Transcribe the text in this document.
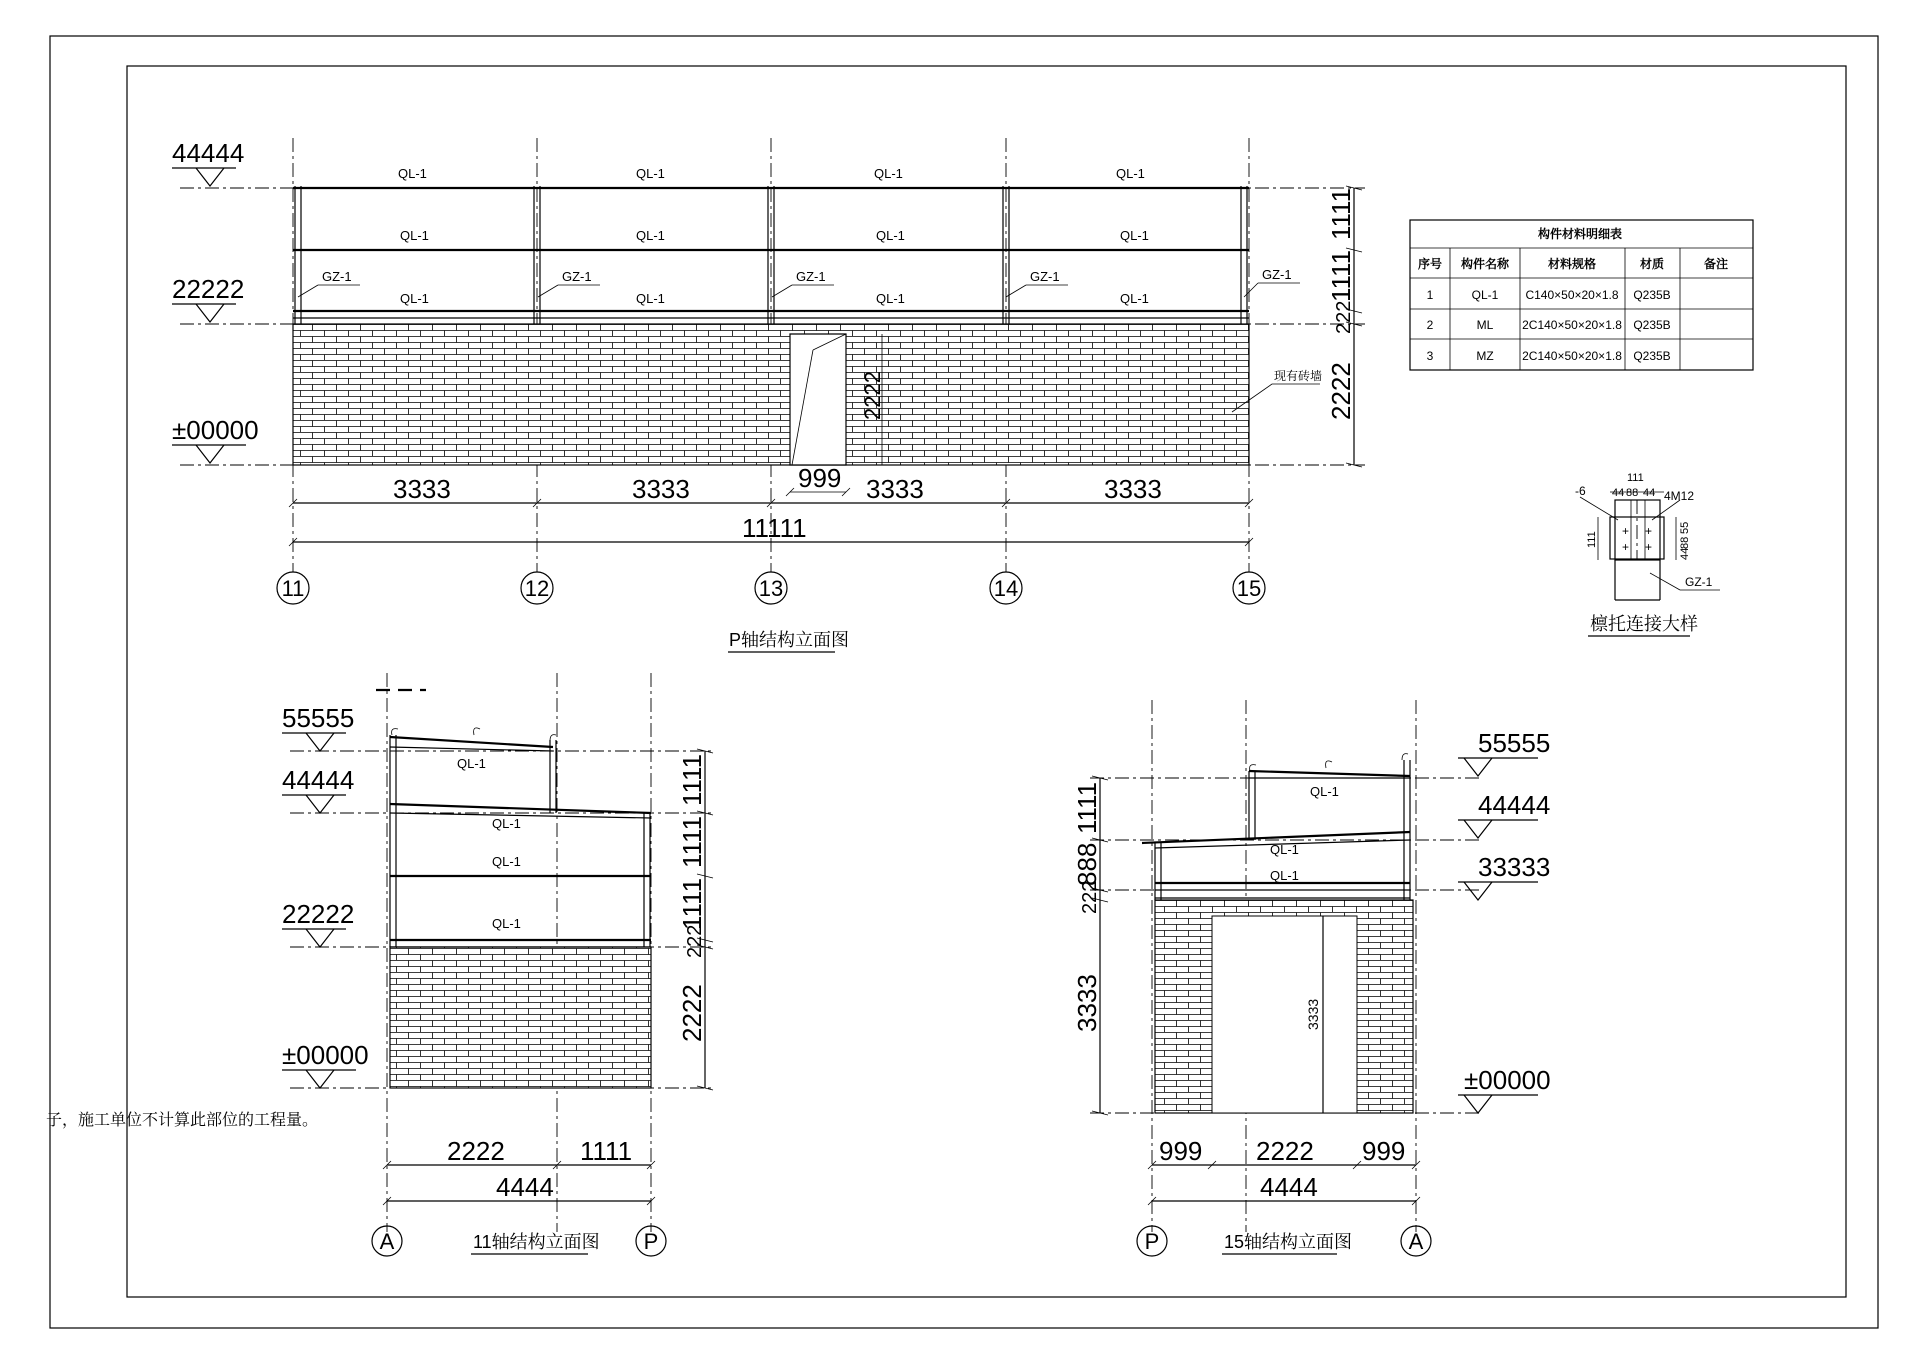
QL-1	QL-1	QL-1	QL-1
QL-1	QL-1	QL-1	QL-1
QL-1	QL-1	QL-1	QL-1
GZ-1	GZ-1	GZ-1	GZ-1	GZ-1
现有砖墙
44444
22222
±00000
1111
1111
222
2222
2222
3333	3333	3333	3333
999
11111
11	12	13	14	15
P轴结构立面图
构件材料明细表
序号 构件名称	材料规格	材质	备注
1	QL-1 C140×50×20×1.8 Q235B
2	ML 2C140×50×20×1.8 Q235B
3	MZ 2C140×50×20×1.8 Q235B
+ +
+ +
-6
111
44 88 44 4M12
111
55
88
44
GZ-1
檩托连接大样
QL-1
QL-1
QL-1
QL-1
55555
44444
22222
±00000
1111
1111
1111
222
2222
2222	1111
4444
A	P
11轴结构立面图
QL-1
QL-1
QL-1
55555
44444
33333
±00000
1111
888
222
3333	3333
999 2222 999
4444
P	A
15轴结构立面图
子，施工单位不计算此部位的工程量。
